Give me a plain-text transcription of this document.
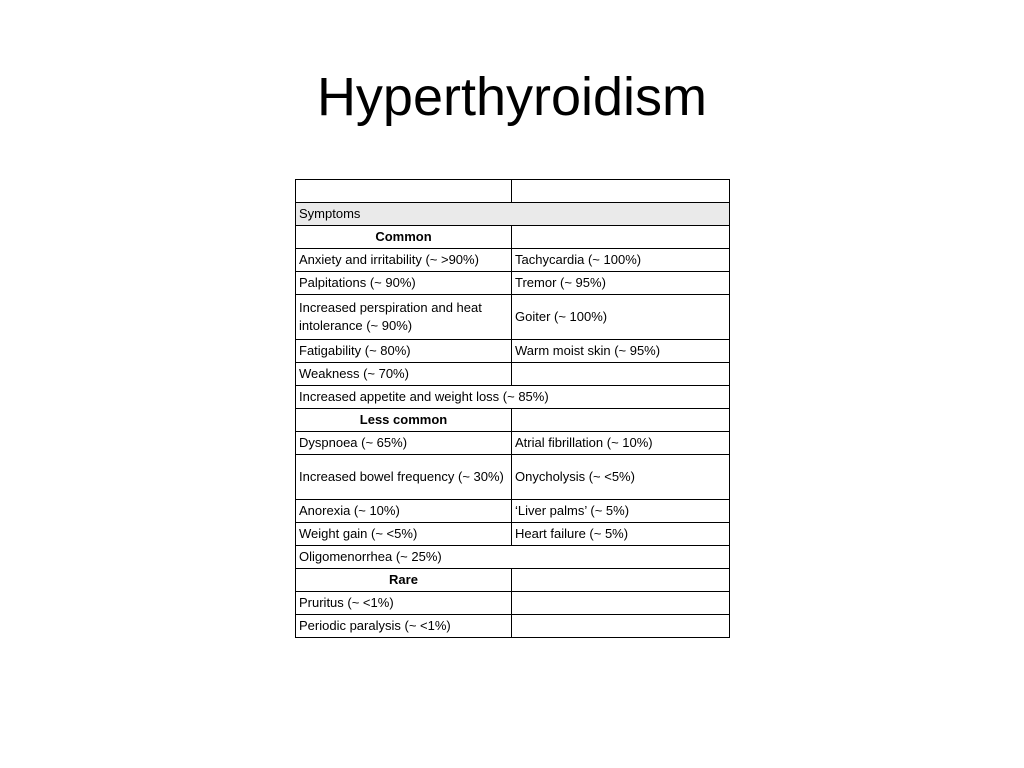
Hyperthyroidism

Symptoms	
Common	
Anxiety and irritability (~ >90%)	Tachycardia (~ 100%)
Palpitations (~ 90%)	Tremor (~ 95%)
Increased perspiration and heat intolerance (~ 90%)	Goiter (~ 100%)
Fatigability (~ 80%)	Warm moist skin (~ 95%)
Weakness (~ 70%)	
Increased appetite and weight loss (~ 85%)	
Less common	
Dyspnoea (~ 65%)	Atrial fibrillation (~ 10%)
Increased bowel frequency (~ 30%)	Onycholysis (~ <5%)
Anorexia (~ 10%)	‘Liver palms’ (~ 5%)
Weight gain (~ <5%)	Heart failure (~ 5%)
Oligomenorrhea (~ 25%)	
Rare	
Pruritus (~ <1%)	
Periodic paralysis (~ <1%)	
